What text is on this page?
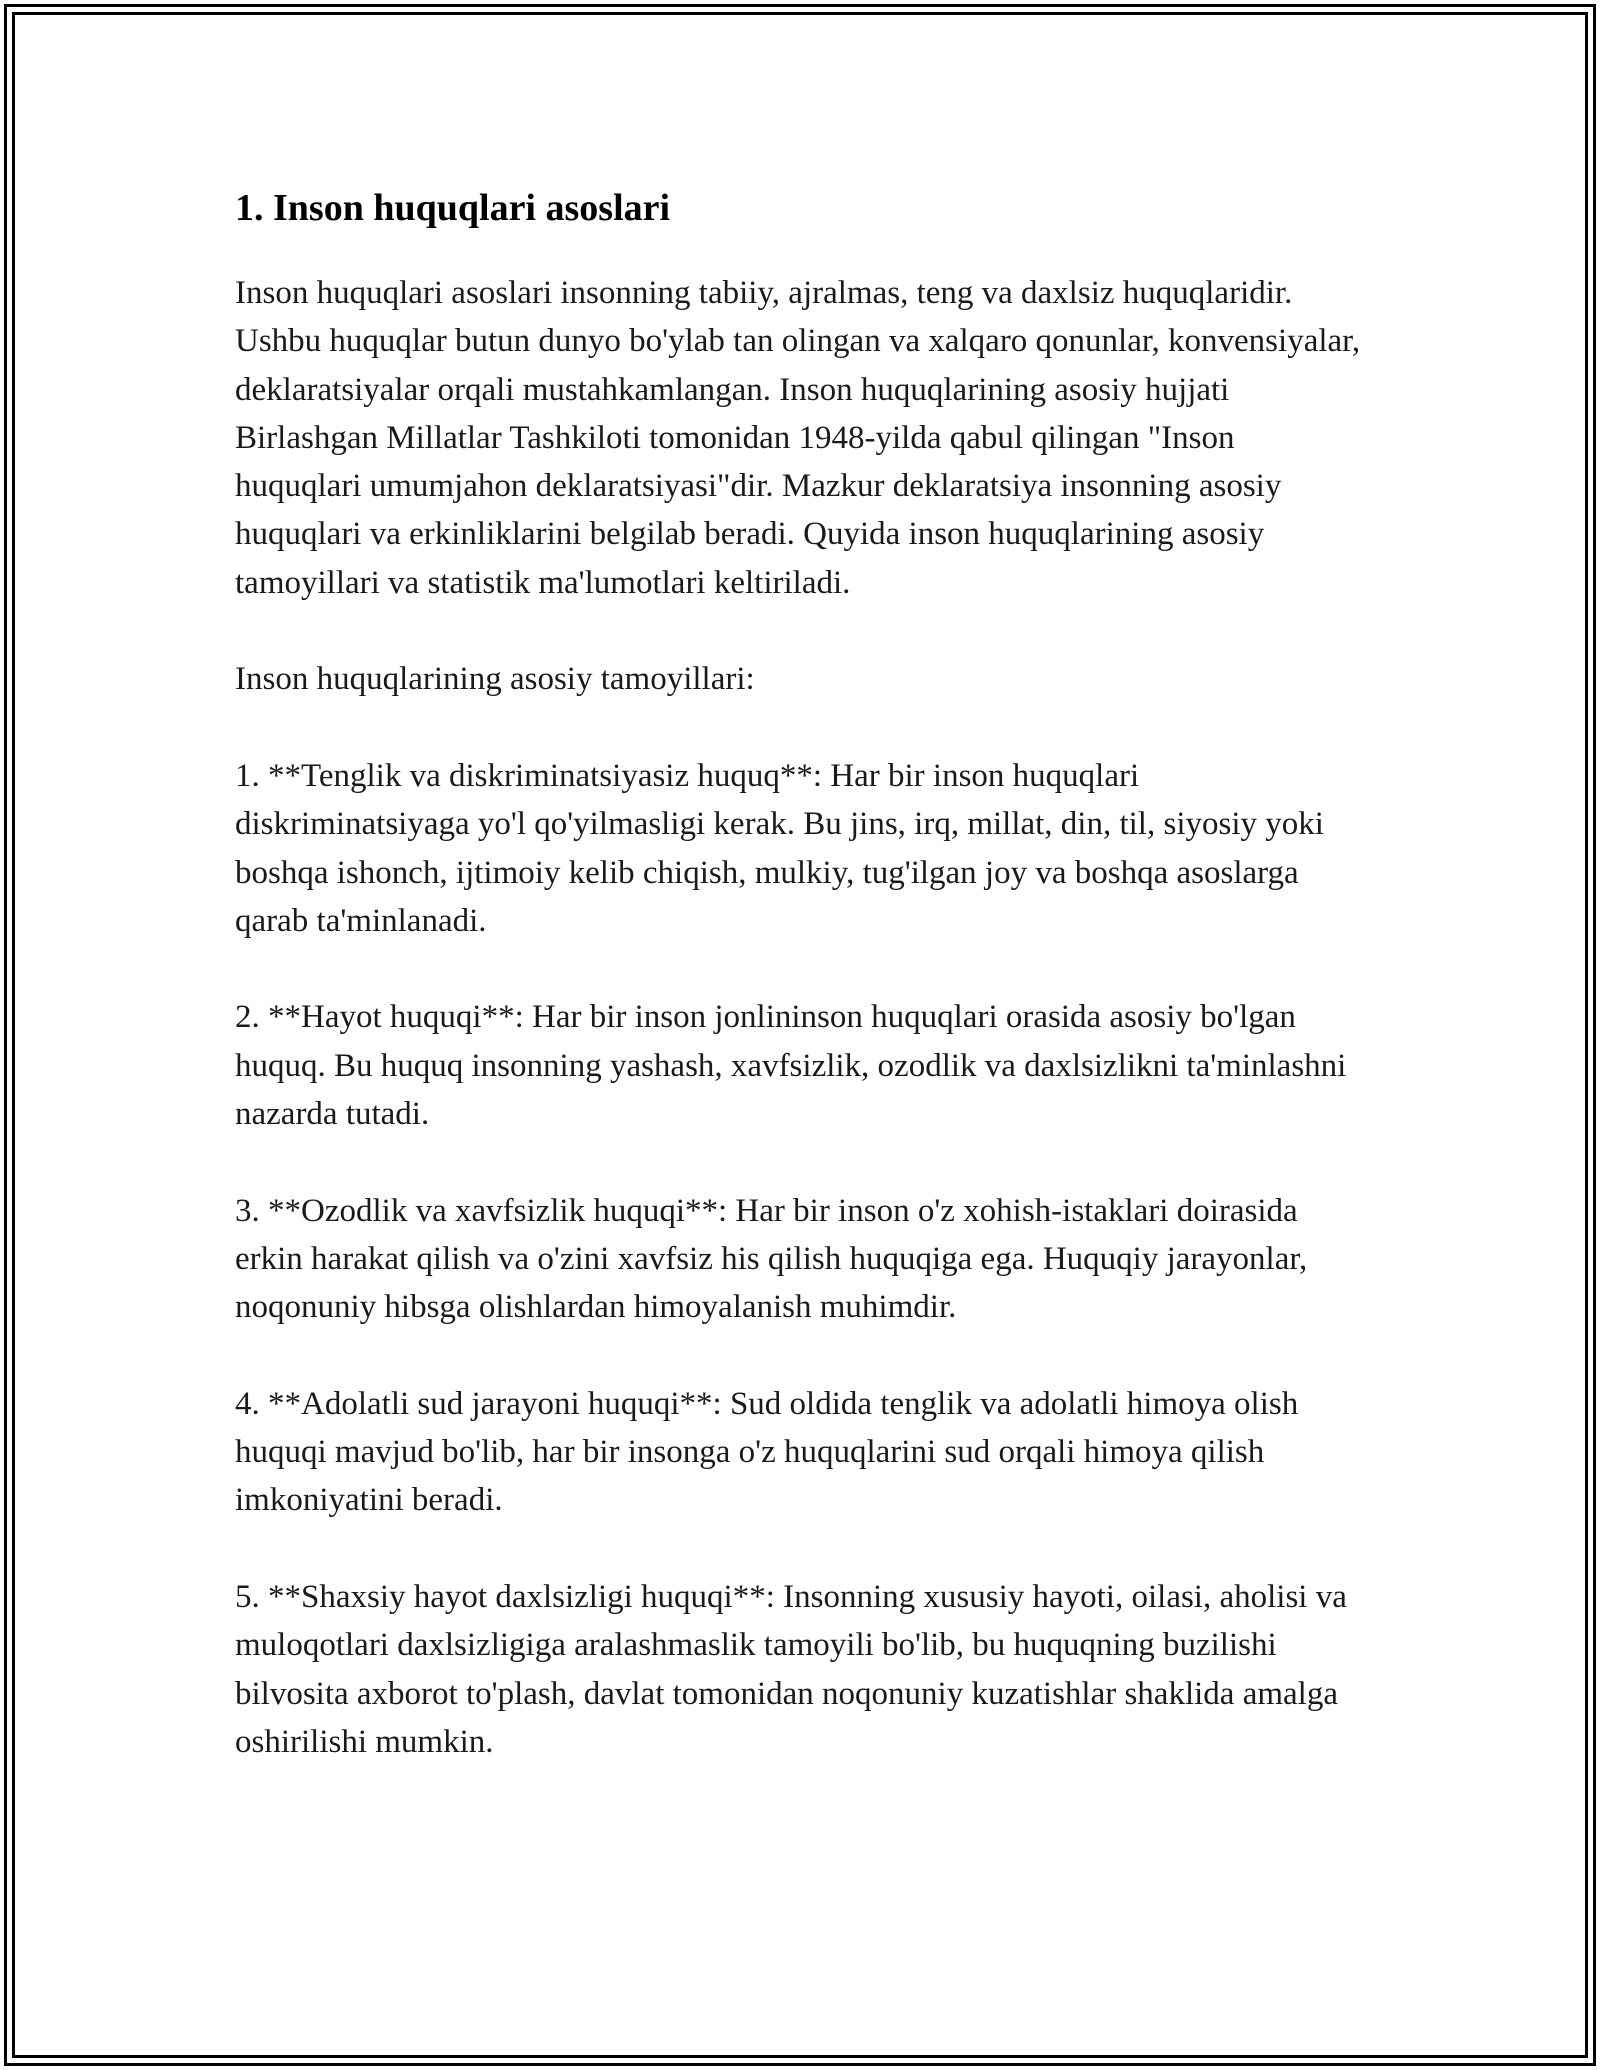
1. Inson huquqlari asoslari

Inson huquqlari asoslari insonning tabiiy, ajralmas, teng va daxlsiz huquqlaridir. Ushbu huquqlar butun dunyo bo'ylab tan olingan va xalqaro qonunlar, konvensiyalar, deklaratsiyalar orqali mustahkamlangan. Inson huquqlarining asosiy hujjati Birlashgan Millatlar Tashkiloti tomonidan 1948-yilda qabul qilingan "Inson huquqlari umumjahon deklaratsiyasi"dir. Mazkur deklaratsiya insonning asosiy huquqlari va erkinliklarini belgilab beradi. Quyida inson huquqlarining asosiy tamoyillari va statistik ma'lumotlari keltiriladi.

Inson huquqlarining asosiy tamoyillari:

1. **Tenglik va diskriminatsiyasiz huquq**: Har bir inson huquqlari diskriminatsiyaga yo'l qo'yilmasligi kerak. Bu jins, irq, millat, din, til, siyosiy yoki boshqa ishonch, ijtimoiy kelib chiqish, mulkiy, tug'ilgan joy va boshqa asoslarga qarab ta'minlanadi.

2. **Hayot huquqi**: Har bir inson jonlininson huquqlari orasida asosiy bo'lgan huquq. Bu huquq insonning yashash, xavfsizlik, ozodlik va daxlsizlikni ta'minlashni nazarda tutadi.

3. **Ozodlik va xavfsizlik huquqi**: Har bir inson o'z xohish-istaklari doirasida erkin harakat qilish va o'zini xavfsiz his qilish huquqiga ega. Huquqiy jarayonlar, noqonuniy hibsga olishlardan himoyalanish muhimdir.

4. **Adolatli sud jarayoni huquqi**: Sud oldida tenglik va adolatli himoya olish huquqi mavjud bo'lib, har bir insonga o'z huquqlarini sud orqali himoya qilish imkoniyatini beradi.

5. **Shaxsiy hayot daxlsizligi huquqi**: Insonning xususiy hayoti, oilasi, aholisi va muloqotlari daxlsizligiga aralashmaslik tamoyili bo'lib, bu huquqning buzilishi bilvosita axborot to'plash, davlat tomonidan noqonuniy kuzatishlar shaklida amalga oshirilishi mumkin.
